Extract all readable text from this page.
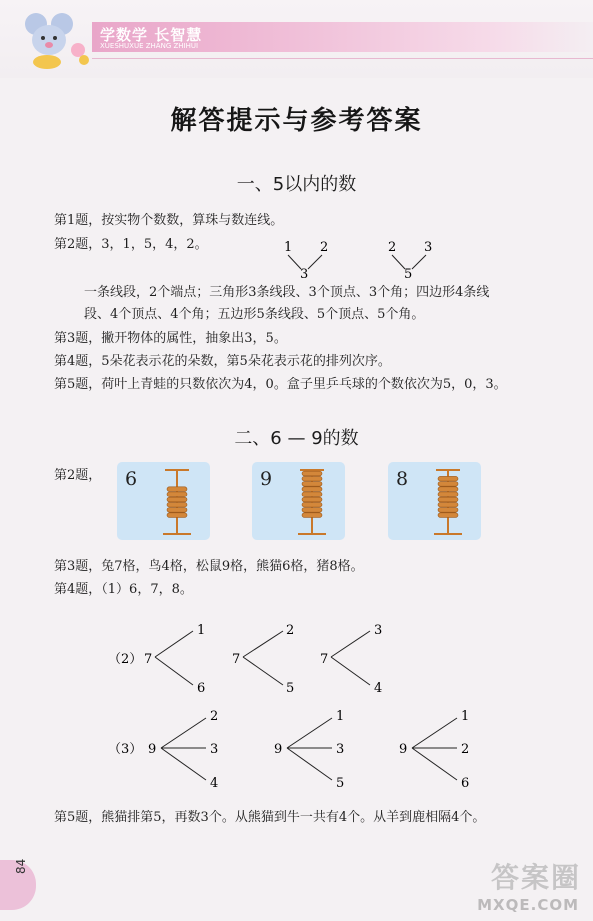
学数学 长智慧
XUESHUXUE ZHANG ZHIHUI
解答提示与参考答案
一、5以内的数
第1题，按实物个数数，算珠与数连线。
第2题，3，1，5，4，2。	1 2
3
2 3
5
一条线段，2个端点；三角形3条线段、3个顶点、3个角；四边形4条线
段、4个顶点、4个角；五边形5条线段、5个顶点、5个角。
第3题，撇开物体的属性，抽象出3，5。
第4题，5朵花表示花的朵数，第5朵花表示花的排列次序。
第5题，荷叶上青蛙的只数依次为4，0。盒子里乒乓球的个数依次为5，0，3。
二、6 — 9的数
第2题，	6	9	8
第3题，兔7格，鸟4格，松鼠9格，熊猫6格，猪8格。
第4题，（1）6，7，8。
（2） 7
1
6
7
2
5
7
3
4
（3） 9
2
3
4
9
1
3
5
9
1
2
6
第5题，熊猫排第5，再数3个。从熊猫到牛一共有4个。从羊到鹿相隔4个。
84	答案圈
MXQE.COM
